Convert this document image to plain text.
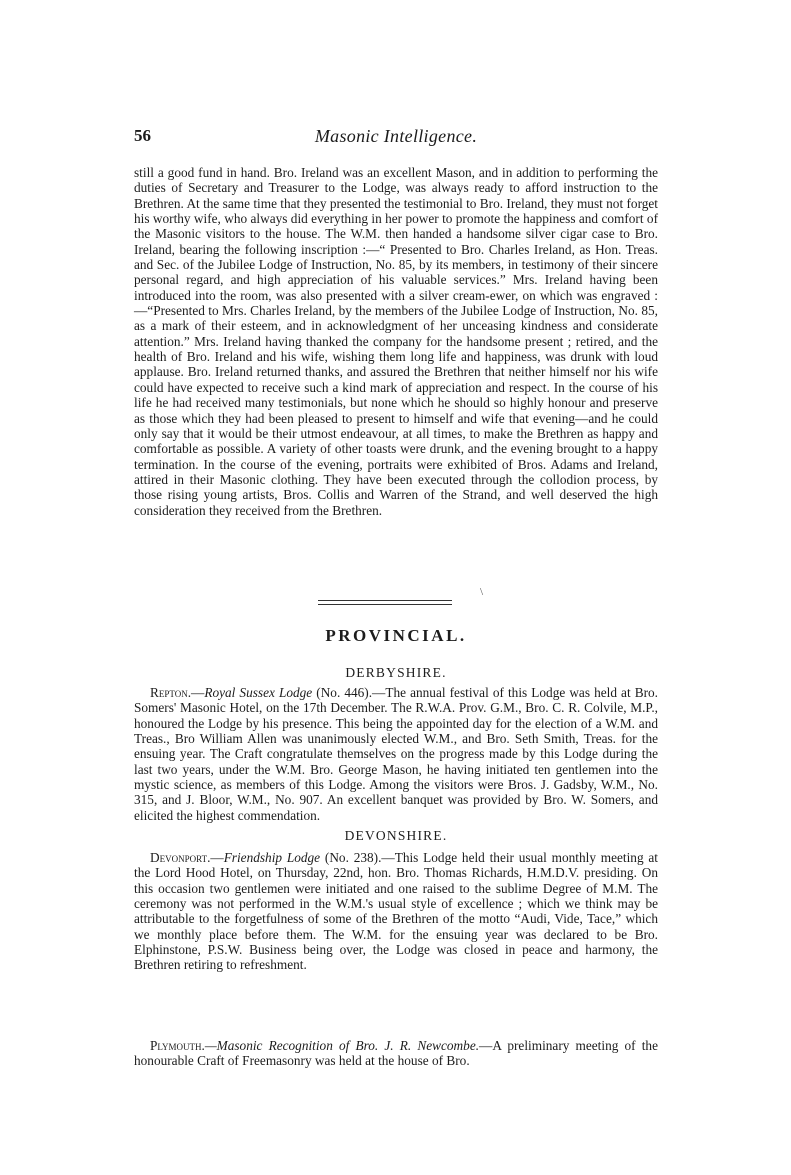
56	Masonic Intelligence.

still a good fund in hand. Bro. Ireland was an excellent Mason, and in addition to performing the duties of Secretary and Treasurer to the Lodge, was always ready to afford instruction to the Brethren. At the same time that they presented the testimonial to Bro. Ireland, they must not forget his worthy wife, who always did everything in her power to promote the happiness and comfort of the Masonic visitors to the house. The W.M. then handed a handsome silver cigar case to Bro. Ireland, bearing the following inscription :—“ Presented to Bro. Charles Ireland, as Hon. Treas. and Sec. of the Jubilee Lodge of Instruction, No. 85, by its members, in testimony of their sincere personal regard, and high appreciation of his valuable services.” Mrs. Ireland having been introduced into the room, was also presented with a silver cream-ewer, on which was engraved :—“Presented to Mrs. Charles Ireland, by the members of the Jubilee Lodge of Instruction, No. 85, as a mark of their esteem, and in acknowledgment of her unceasing kindness and considerate attention.” Mrs. Ireland having thanked the company for the handsome present ; retired, and the health of Bro. Ireland and his wife, wishing them long life and happiness, was drunk with loud applause. Bro. Ireland returned thanks, and assured the Brethren that neither himself nor his wife could have expected to receive such a kind mark of appreciation and respect. In the course of his life he had received many testimonials, but none which he should so highly honour and preserve as those which they had been pleased to present to himself and wife that evening—and he could only say that it would be their utmost endeavour, at all times, to make the Brethren as happy and comfortable as possible. A variety of other toasts were drunk, and the evening brought to a happy termination. In the course of the evening, portraits were exhibited of Bros. Adams and Ireland, attired in their Masonic clothing. They have been executed through the collodion process, by those rising young artists, Bros. Collis and Warren of the Strand, and well deserved the high consideration they received from the Brethren.

\
PROVINCIAL.
DERBYSHIRE.

Repton.—Royal Sussex Lodge (No. 446).—The annual festival of this Lodge was held at Bro. Somers' Masonic Hotel, on the 17th December. The R.W.A. Prov. G.M., Bro. C. R. Colvile, M.P., honoured the Lodge by his presence. This being the appointed day for the election of a W.M. and Treas., Bro William Allen was unanimously elected W.M., and Bro. Seth Smith, Treas. for the ensuing year. The Craft congratulate themselves on the progress made by this Lodge during the last two years, under the W.M. Bro. George Mason, he having initiated ten gentlemen into the mystic science, as members of this Lodge. Among the visitors were Bros. J. Gadsby, W.M., No. 315, and J. Bloor, W.M., No. 907. An excellent banquet was provided by Bro. W. Somers, and elicited the highest commendation.

DEVONSHIRE.

Devonport.—Friendship Lodge (No. 238).—This Lodge held their usual monthly meeting at the Lord Hood Hotel, on Thursday, 22nd, hon. Bro. Thomas Richards, H.M.D.V. presiding. On this occasion two gentlemen were initiated and one raised to the sublime Degree of M.M. The ceremony was not performed in the W.M.'s usual style of excellence ; which we think may be attributable to the forgetfulness of some of the Brethren of the motto “Audi, Vide, Tace,” which we monthly place before them. The W.M. for the ensuing year was declared to be Bro. Elphinstone, P.S.W. Business being over, the Lodge was closed in peace and harmony, the Brethren retiring to refreshment.

Plymouth.—Masonic Recognition of Bro. J. R. Newcombe.—A preliminary meeting of the honourable Craft of Freemasonry was held at the house of Bro.
